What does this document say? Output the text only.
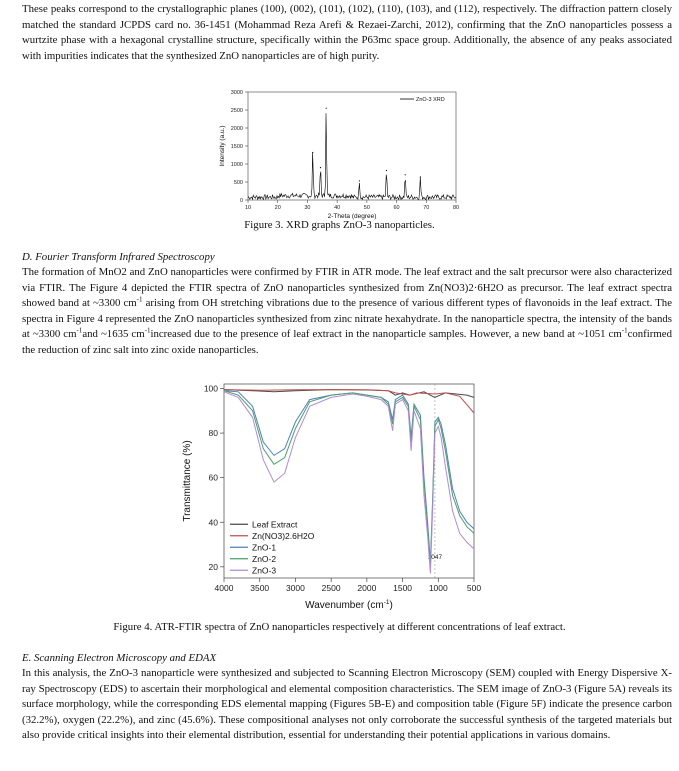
These peaks correspond to the crystallographic planes (100), (002), (101), (102), (110), (103), and (112), respectively. The diffraction pattern closely matched the standard JCPDS card no. 36-1451 (Mohammad Reza Arefi & Rezaei-Zarchi, 2012), confirming that the ZnO nanoparticles possess a wurtzite phase with a hexagonal crystalline structure, specifically within the P63mc space group. Additionally, the absence of any peaks associated with impurities indicates that the synthesized ZnO nanoparticles are of high purity.

0
500
1000
1500
2000
2500
3000
10	20	30	40	50	60	70	80
2-Theta (degree)
Intensity (a.u.)
ZnO-3 XRD

Figure 3. XRD graphs ZnO-3 nanoparticles.

D. Fourier Transform Infrared Spectroscopy

The formation of MnO2 and ZnO nanoparticles were confirmed by FTIR in ATR mode. The leaf extract and the salt precursor were also characterized via FTIR. The Figure 4 depicted the FTIR spectra of ZnO nanoparticles synthesized from Zn(NO3)2·6H2O as precursor. The leaf extract spectra showed band at ~3300 $cm^{-1}$ arising from OH stretching vibrations due to the presence of various different types of flavonoids in the leaf extract. The spectra in Figure 4 represented the ZnO nanoparticles synthesized from zinc nitrate hexahydrate. In the nanoparticle spectra, the intensity of the bands at ~3300 $cm^{-1}and$ ~1635 $cm^{-1}increased$ due to the presence of leaf extract in the nanoparticle samples. However, a new band at ~1051 $cm^{-1}confirmed$ the reduction of zinc salt into zinc oxide nanoparticles.

20
40
60
80
100
4000 3500 3000 2500 2000 1500 1000 500
Wavenumber $(cm^{-1})$
Transmittance (%)
1047
Leaf Extract
Zn(NO3)2.6H2O
ZnO-1
ZnO-2
ZnO-3

Figure 4. ATR-FTIR spectra of ZnO nanoparticles respectively at different concentrations of leaf extract.

E. Scanning Electron Microscopy and EDAX

In this analysis, the ZnO-3 nanoparticle were synthesized and subjected to Scanning Electron Microscopy (SEM) coupled with Energy Dispersive X-ray Spectroscopy (EDS) to ascertain their morphological and elemental composition characteristics. The SEM image of ZnO-3 (Figure 5A) reveals its surface morphology, while the corresponding EDS elemental mapping (Figures 5B-E) and composition table (Figure 5F) indicate the presence carbon (32.2%), oxygen (22.2%), and zinc (45.6%). These compositional analyses not only corroborate the successful synthesis of the targeted materials but also provide critical insights into their elemental distribution, essential for understanding their potential applications in various domains.
